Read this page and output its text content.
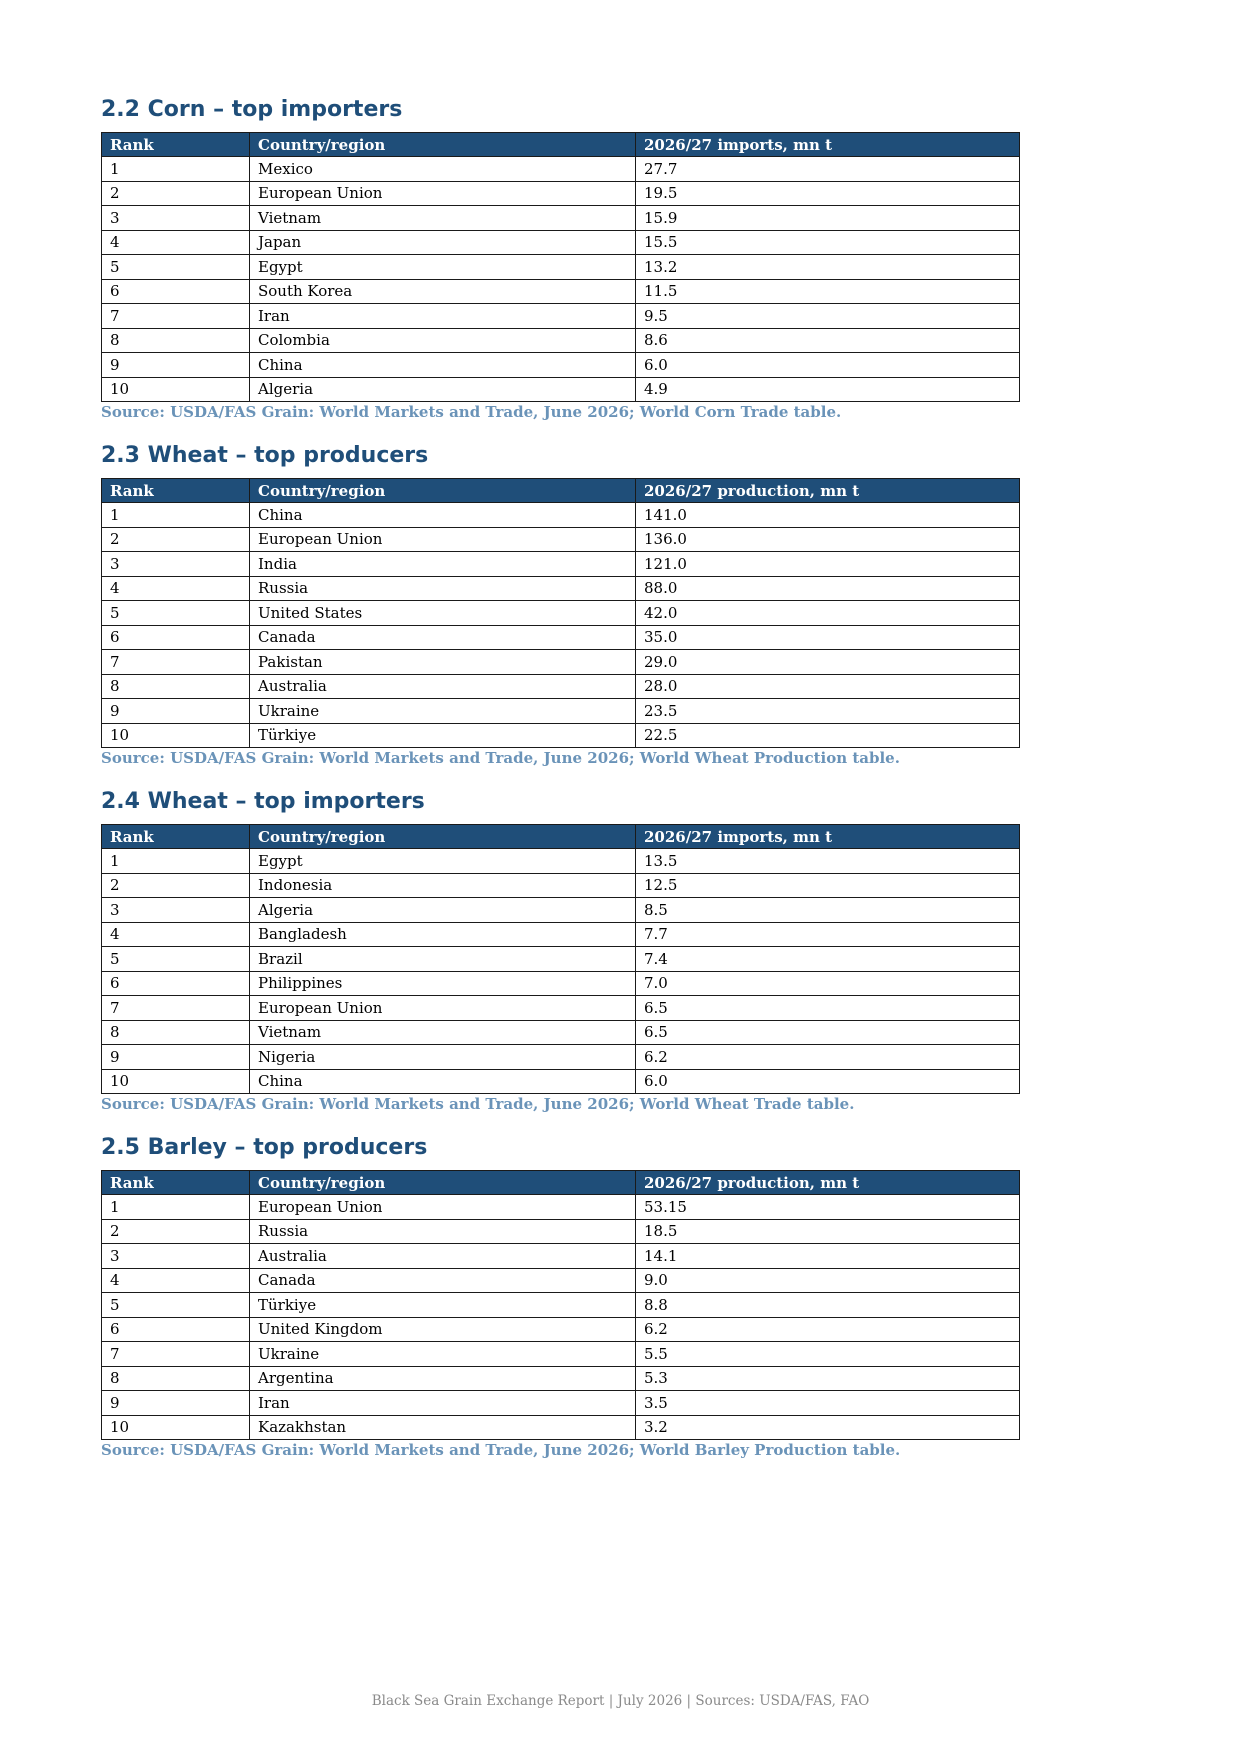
2.2 Corn – top importers
Rank	Country/region	2026/27 imports, mn t
1	Mexico	27.7
2	European Union	19.5
3	Vietnam	15.9
4	Japan	15.5
5	Egypt	13.2
6	South Korea	11.5
7	Iran	9.5
8	Colombia	8.6
9	China	6.0
10	Algeria	4.9

Source: USDA/FAS Grain: World Markets and Trade, June 2026; World Corn Trade table.

2.3 Wheat – top producers
Rank	Country/region	2026/27 production, mn t
1	China	141.0
2	European Union	136.0
3	India	121.0
4	Russia	88.0
5	United States	42.0
6	Canada	35.0
7	Pakistan	29.0
8	Australia	28.0
9	Ukraine	23.5
10	Türkiye	22.5

Source: USDA/FAS Grain: World Markets and Trade, June 2026; World Wheat Production table.

2.4 Wheat – top importers
Rank	Country/region	2026/27 imports, mn t
1	Egypt	13.5
2	Indonesia	12.5
3	Algeria	8.5
4	Bangladesh	7.7
5	Brazil	7.4
6	Philippines	7.0
7	European Union	6.5
8	Vietnam	6.5
9	Nigeria	6.2
10	China	6.0

Source: USDA/FAS Grain: World Markets and Trade, June 2026; World Wheat Trade table.

2.5 Barley – top producers
Rank	Country/region	2026/27 production, mn t
1	European Union	53.15
2	Russia	18.5
3	Australia	14.1
4	Canada	9.0
5	Türkiye	8.8
6	United Kingdom	6.2
7	Ukraine	5.5
8	Argentina	5.3
9	Iran	3.5
10	Kazakhstan	3.2

Source: USDA/FAS Grain: World Markets and Trade, June 2026; World Barley Production table.

Black Sea Grain Exchange Report | July 2026 | Sources: USDA/FAS, FAO
